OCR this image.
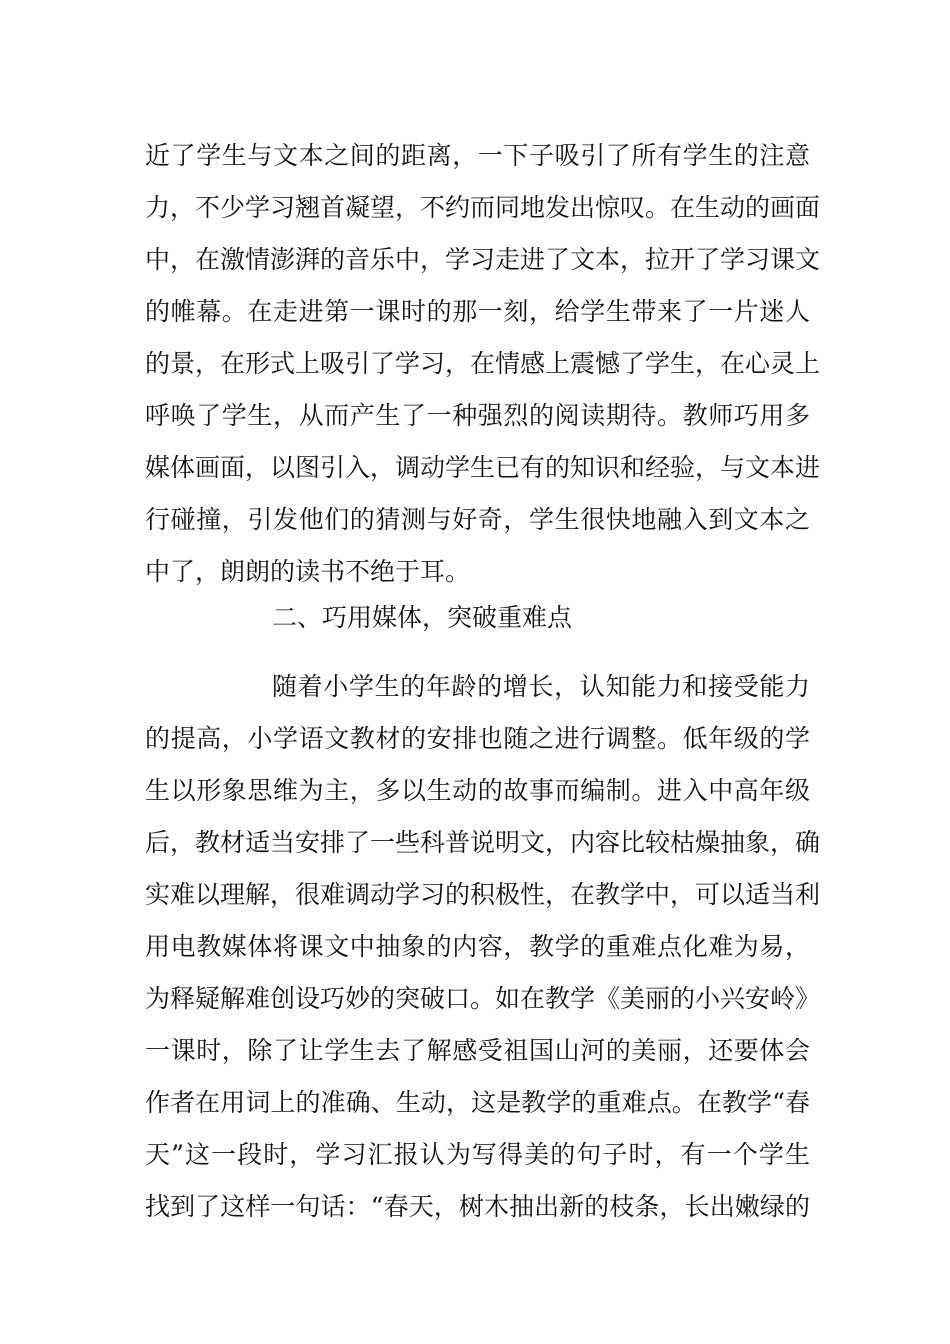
近了学生与文本之间的距离，一下子吸引了所有学生的注意
力，不少学习翘首凝望，不约而同地发出惊叹。在生动的画面
中，在激情澎湃的音乐中，学习走进了文本，拉开了学习课文
的帷幕。在走进第一课时的那一刻，给学生带来了一片迷人
的景，在形式上吸引了学习，在情感上震憾了学生，在心灵上
呼唤了学生，从而产生了一种强烈的阅读期待。教师巧用多
媒体画面，以图引入，调动学生已有的知识和经验，与文本进
行碰撞，引发他们的猜测与好奇，学生很快地融入到文本之
中了，朗朗的读书不绝于耳。
二、巧用媒体，突破重难点
随着小学生的年龄的增长，认知能力和接受能力
的提高，小学语文教材的安排也随之进行调整。低年级的学
生以形象思维为主，多以生动的故事而编制。进入中高年级
后，教材适当安排了一些科普说明文，内容比较枯燥抽象，确
实难以理解，很难调动学习的积极性，在教学中，可以适当利
用电教媒体将课文中抽象的内容，教学的重难点化难为易，
为释疑解难创设巧妙的突破口。如在教学《美丽的小兴安岭》
一课时，除了让学生去了解感受祖国山河的美丽，还要体会
作者在用词上的准确、生动，这是教学的重难点。在教学“春
天”这一段时，学习汇报认为写得美的句子时，有一个学生
找到了这样一句话：“春天，树木抽出新的枝条，长出嫩绿的
